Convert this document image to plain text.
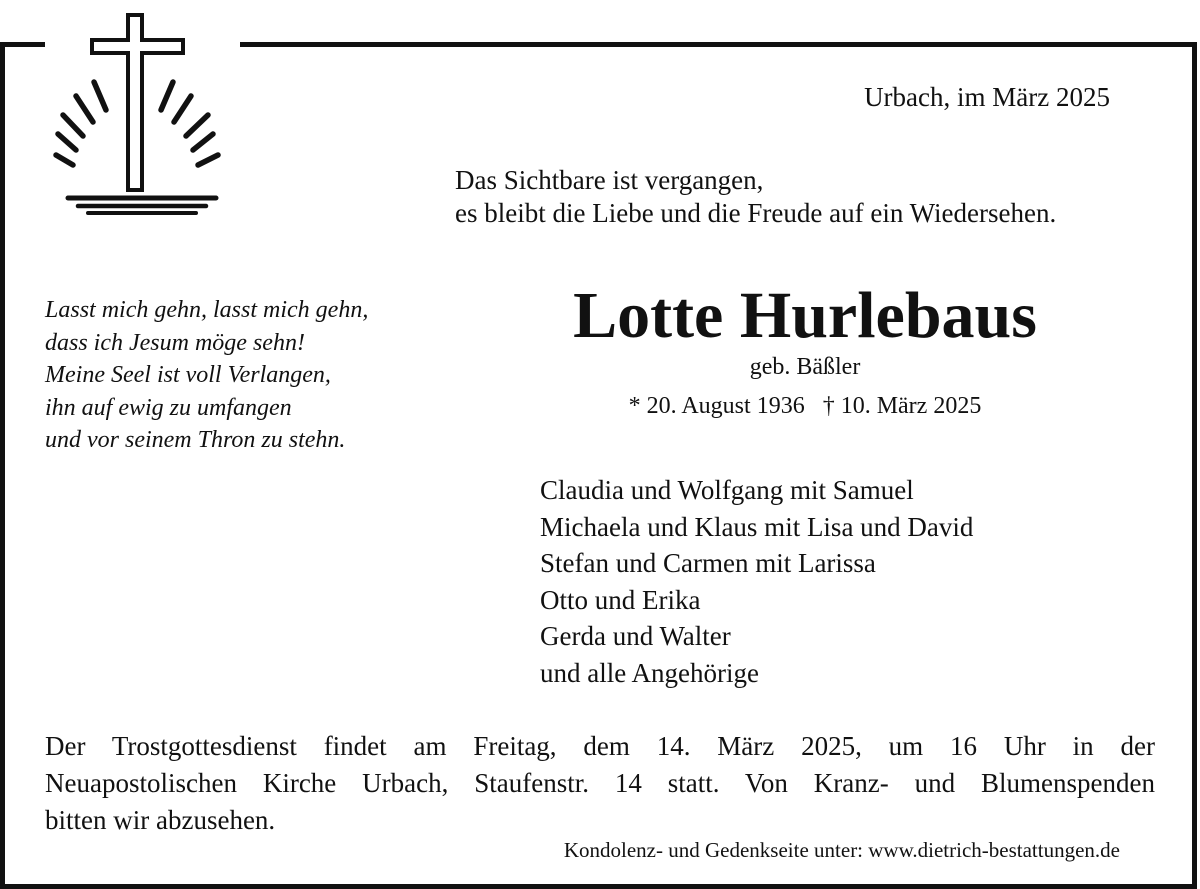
Urbach, im März 2025
Das Sichtbare ist vergangen,
es bleibt die Liebe und die Freude auf ein Wiedersehen.
Lasst mich gehn, lasst mich gehn,
dass ich Jesum möge sehn!
Meine Seel ist voll Verlangen,
ihn auf ewig zu umfangen
und vor seinem Thron zu stehn.
Lotte Hurlebaus
geb. Bäßler
* 20. August 1936   † 10. März 2025
Claudia und Wolfgang mit Samuel
Michaela und Klaus mit Lisa und David
Stefan und Carmen mit Larissa
Otto und Erika
Gerda und Walter
und alle Angehörige
Der Trostgottesdienst findet am Freitag, dem 14. März 2025, um 16 Uhr in der
Neuapostolischen Kirche Urbach, Staufenstr. 14 statt. Von Kranz- und Blumenspenden
bitten wir abzusehen.
Kondolenz- und Gedenkseite unter: www.dietrich-bestattungen.de
